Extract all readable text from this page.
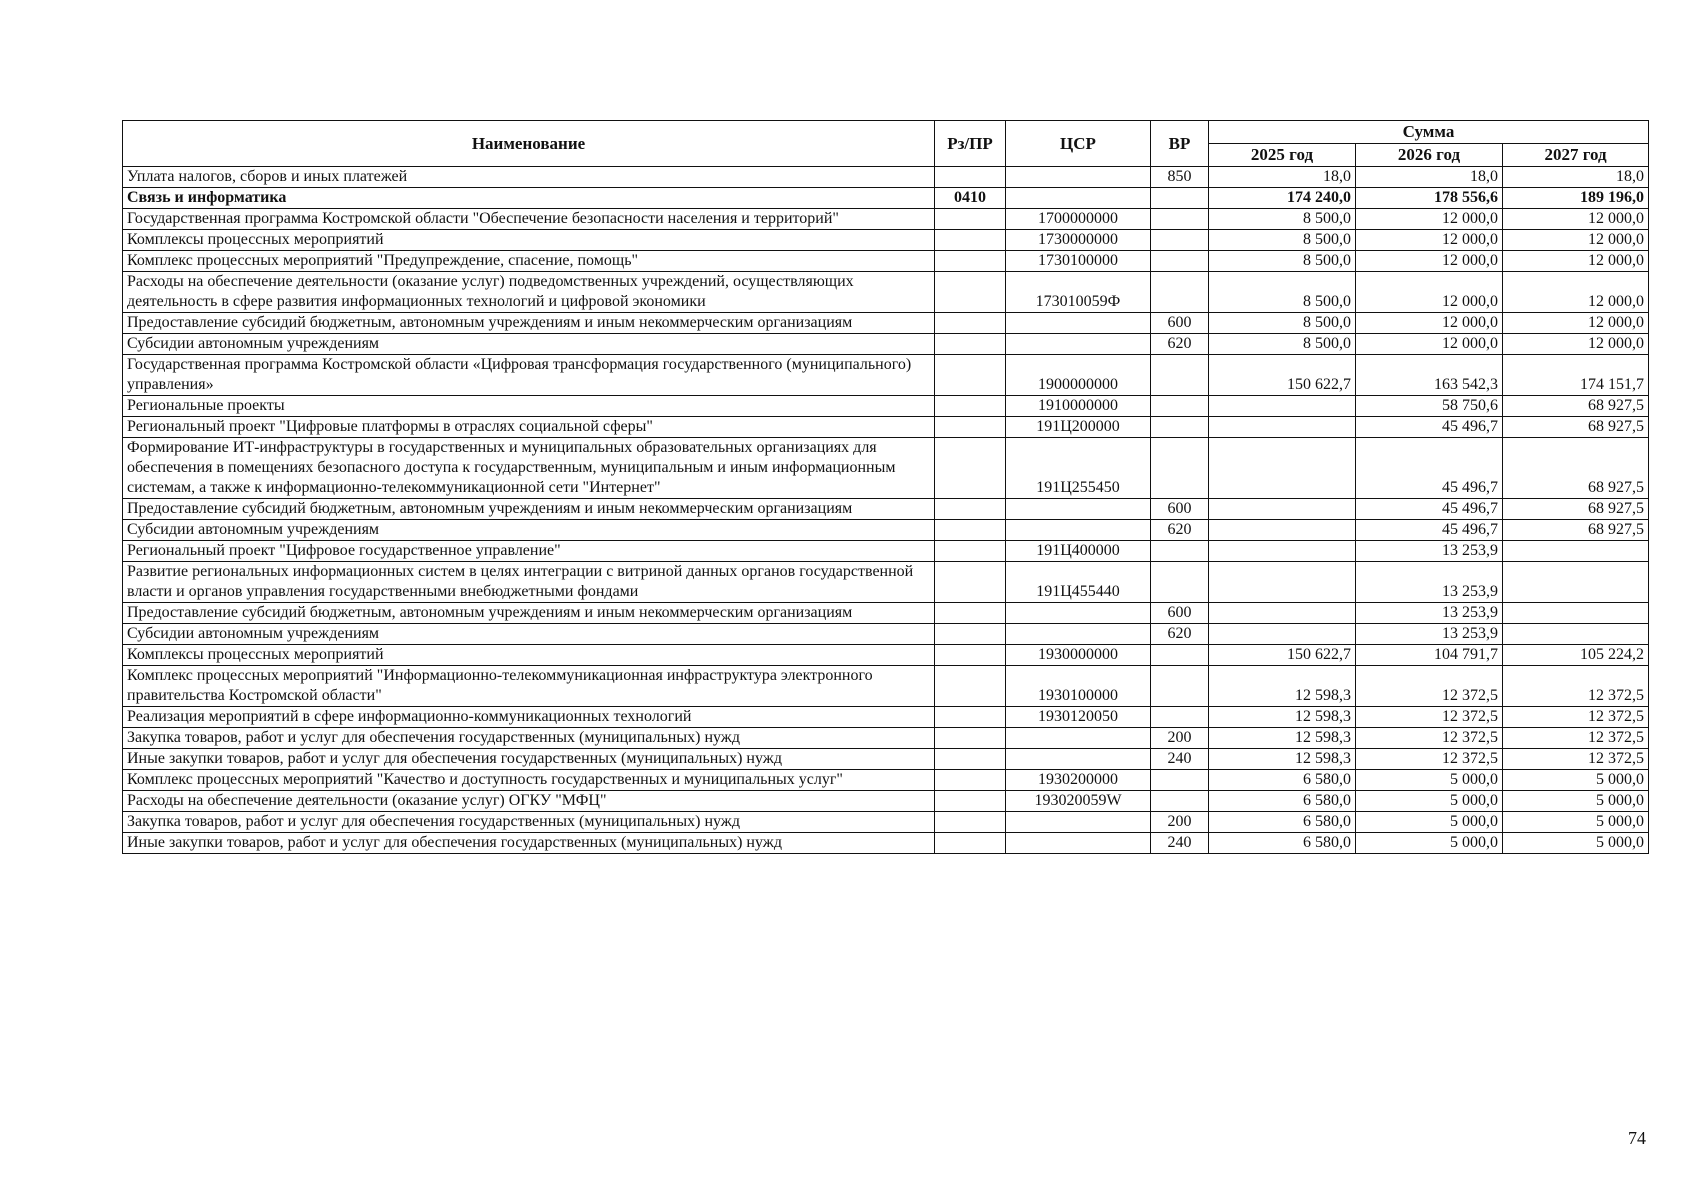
Наименование	Рз/ПР	ЦСР	ВР	Сумма		
				2025 год	2026 год	2027 год
Уплата налогов, сборов и иных платежей			850	18,0	18,0	18,0
Связь и информатика	0410			174 240,0	178 556,6	189 196,0
Государственная программа Костромской области "Обеспечение безопасности населения и территорий"		1700000000		8 500,0	12 000,0	12 000,0
Комплексы процессных мероприятий		1730000000		8 500,0	12 000,0	12 000,0
Комплекс процессных мероприятий "Предупреждение, спасение, помощь"		1730100000		8 500,0	12 000,0	12 000,0
Расходы на обеспечение деятельности (оказание услуг) подведомственных учреждений, осуществляющих деятельность в сфере развития информационных технологий и цифровой экономики		173010059Ф		8 500,0	12 000,0	12 000,0
Предоставление субсидий бюджетным, автономным учреждениям и иным некоммерческим организациям			600	8 500,0	12 000,0	12 000,0
Субсидии автономным учреждениям			620	8 500,0	12 000,0	12 000,0
Государственная программа Костромской области «Цифровая трансформация государственного (муниципального) управления»		1900000000		150 622,7	163 542,3	174 151,7
Региональные проекты		1910000000			58 750,6	68 927,5
Региональный проект "Цифровые платформы в отраслях социальной сферы"		191Ц200000			45 496,7	68 927,5
Формирование ИТ-инфраструктуры в государственных и муниципальных образовательных организациях для обеспечения в помещениях безопасного доступа к государственным, муниципальным и иным информационным системам, а также к информационно-телекоммуникационной сети "Интернет"		191Ц255450			45 496,7	68 927,5
Предоставление субсидий бюджетным, автономным учреждениям и иным некоммерческим организациям			600		45 496,7	68 927,5
Субсидии автономным учреждениям			620		45 496,7	68 927,5
Региональный проект "Цифровое государственное управление"		191Ц400000			13 253,9	
Развитие региональных информационных систем в целях интеграции с витриной данных органов государственной власти и органов управления государственными внебюджетными фондами		191Ц455440			13 253,9	
Предоставление субсидий бюджетным, автономным учреждениям и иным некоммерческим организациям			600		13 253,9	
Субсидии автономным учреждениям			620		13 253,9	
Комплексы процессных мероприятий		1930000000		150 622,7	104 791,7	105 224,2
Комплекс процессных мероприятий "Информационно-телекоммуникационная инфраструктура электронного правительства Костромской области"		1930100000		12 598,3	12 372,5	12 372,5
Реализация мероприятий в сфере информационно-коммуникационных технологий		1930120050		12 598,3	12 372,5	12 372,5
Закупка товаров, работ и услуг для обеспечения государственных (муниципальных) нужд			200	12 598,3	12 372,5	12 372,5
Иные закупки товаров, работ и услуг для обеспечения государственных (муниципальных) нужд			240	12 598,3	12 372,5	12 372,5
Комплекс процессных мероприятий "Качество и доступность государственных и муниципальных услуг"		1930200000		6 580,0	5 000,0	5 000,0
Расходы на обеспечение деятельности (оказание услуг) ОГКУ "МФЦ"		193020059W		6 580,0	5 000,0	5 000,0
Закупка товаров, работ и услуг для обеспечения государственных (муниципальных) нужд			200	6 580,0	5 000,0	5 000,0
Иные закупки товаров, работ и услуг для обеспечения государственных (муниципальных) нужд			240	6 580,0	5 000,0	5 000,0
74
